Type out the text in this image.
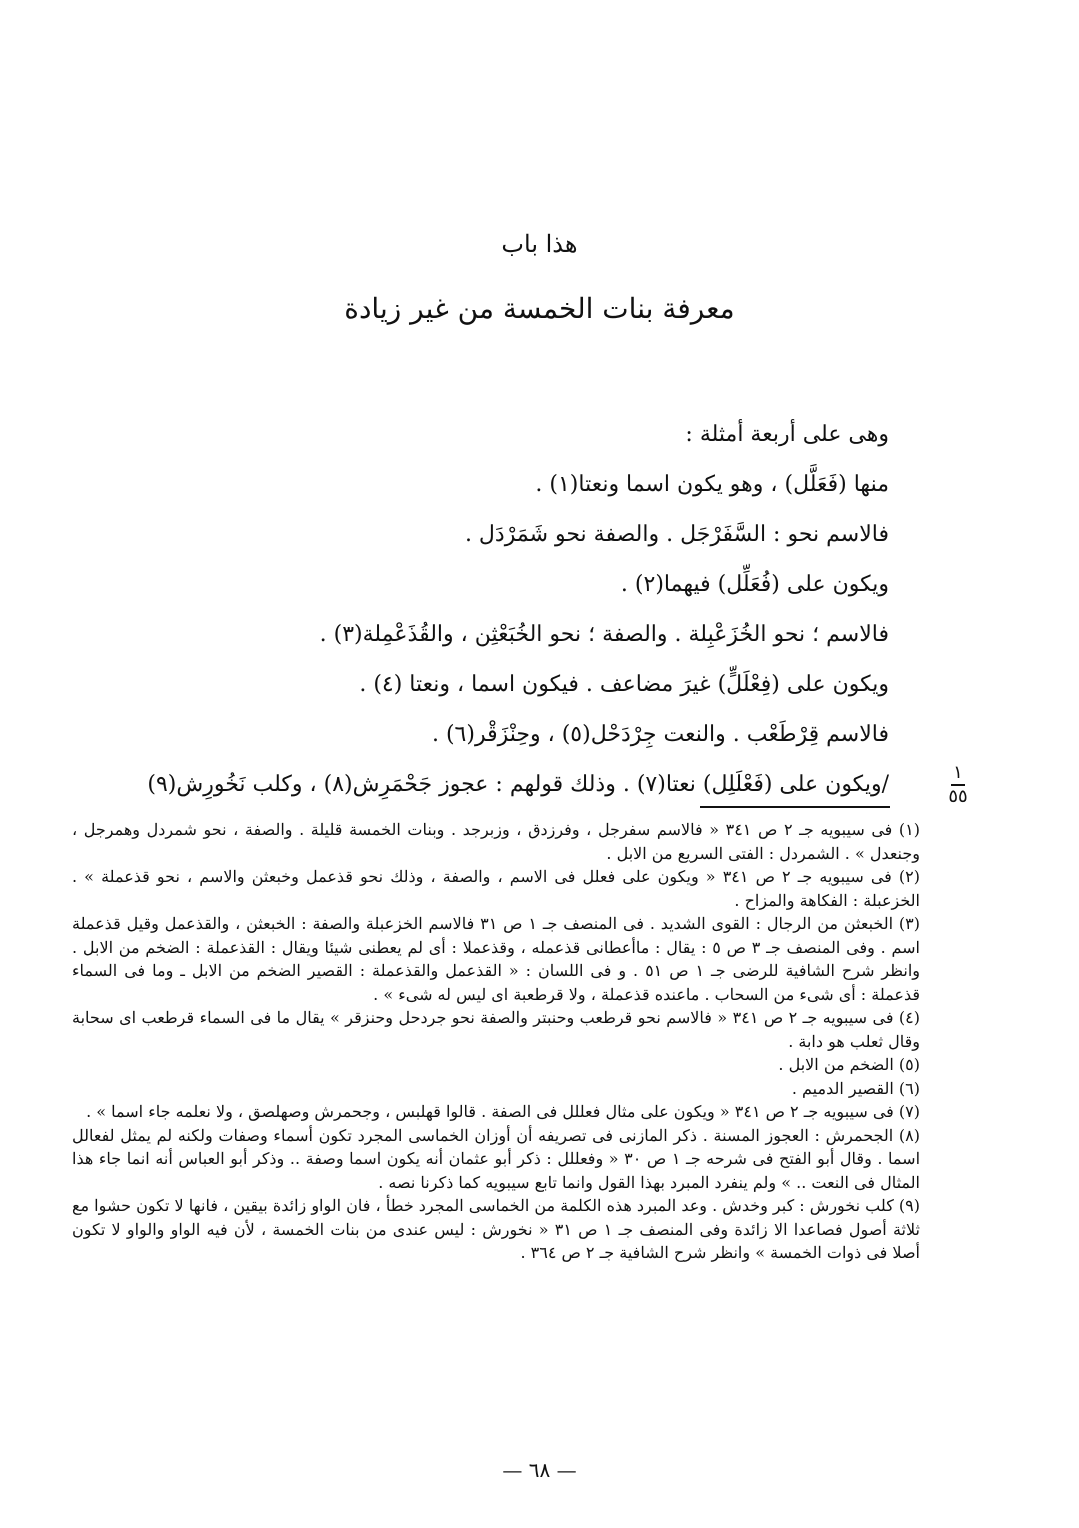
هذا باب
معرفة بنات الخمسة من غير زيادة
وهى على أربعة أمثلة :
منها (فَعَلَّل) ، وهو يكون اسما ونعتا(١) .
فالاسم نحو : السَّفَرْجَل . والصفة نحو شَمَرْدَل .
ويكون على (فُعَلِّل) فيهما(٢) .
فالاسم ؛ نحو الخُزَعْبِلة . والصفة ؛ نحو الخُبَعْثِن ، والقُذَعْمِلة(٣) .
ويكون على (فِعْلَلٍّ) غيرَ مضاعف . فيكون اسما ، ونعتا (٤) .
فالاسم قِرْطَعْب . والنعت جِرْدَحْل(٥) ، وحِنْزَقْر(٦) .
/ويكون على (فَعْلَلِل) نعتا(٧) . وذلك قولهم : عجوز جَحْمَرِش(٨) ، وكلب نَخُورِش(٩)	١
٥٥

(١) فى سيبويه جـ ٢ ص ٣٤١ « فالاسم سفرجل ، وفرزدق ، وزبرجد . وبنات الخمسة قليلة . والصفة ، نحو شمردل وهمرجل ، وجنعدل » . الشمردل : الفتى السريع من الابل .

(٢) فى سيبويه جـ ٢ ص ٣٤١ « ويكون على فعلل فى الاسم ، والصفة ، وذلك نحو قذعمل وخبعثن والاسم ، نحو قذعملة » . الخزعبلة : الفكاهة والمزاح .

(٣) الخبعثن من الرجال : القوى الشديد . فى المنصف جـ ١ ص ٣١ فالاسم الخزعبلة والصفة : الخبعثن ، والقذعمل وقيل قذعملة اسم . وفى المنصف جـ ٣ ص ٥ : يقال : ماأعطانى قذعمله ، وقذعملا : أى لم يعطنى شيئا ويقال : القذعملة : الضخم من الابل . وانظر شرح الشافية للرضى جـ ١ ص ٥١ . و فى اللسان : « القذعمل والقذعملة : القصير الضخم من الابل ـ وما فى السماء قذعملة : أى شىء من السحاب . ماعنده قذعملة ، ولا قرطعبة اى ليس له شىء » .

(٤) فى سيبويه جـ ٢ ص ٣٤١ « فالاسم نحو قرطعب وحنبتر والصفة نحو جردحل وحنزقر » يقال ما فى السماء قرطعب اى سحابة وقال ثعلب هو دابة .

(٥) الضخم من الابل .

(٦) القصير الدميم .

(٧) فى سيبويه جـ ٢ ص ٣٤١ « ويكون على مثال فعللل فى الصفة . قالوا قهلبس ، وجحمرش وصهلصق ، ولا نعلمه جاء اسما » .

(٨) الجحمرش : العجوز المسنة . ذكر المازنى فى تصريفه أن أوزان الخماسى المجرد تكون أسماء وصفات ولكنه لم يمثل لفعالل اسما . وقال أبو الفتح فى شرحه جـ ١ ص ٣٠ « وفعللل : ذكر أبو عثمان أنه يكون اسما وصفة .. وذكر أبو العباس أنه انما جاء هذا المثال فى النعت .. » ولم ينفرد المبرد بهذا القول وانما تابع سيبويه كما ذكرنا نصه .

(٩) كلب نخورش : كبر وخدش . وعد المبرد هذه الكلمة من الخماسى المجرد خطأ ، فان الواو زائدة بيقين ، فانها لا تكون حشوا مع ثلاثة أصول فصاعدا الا زائدة وفى المنصف جـ ١ ص ٣١ « نخورش : ليس عندى من بنات الخمسة ، لأن فيه الواو والواو لا تكون أصلا فى ذوات الخمسة » وانظر شرح الشافية جـ ٢ ص ٣٦٤ .

— ٦٨ —
